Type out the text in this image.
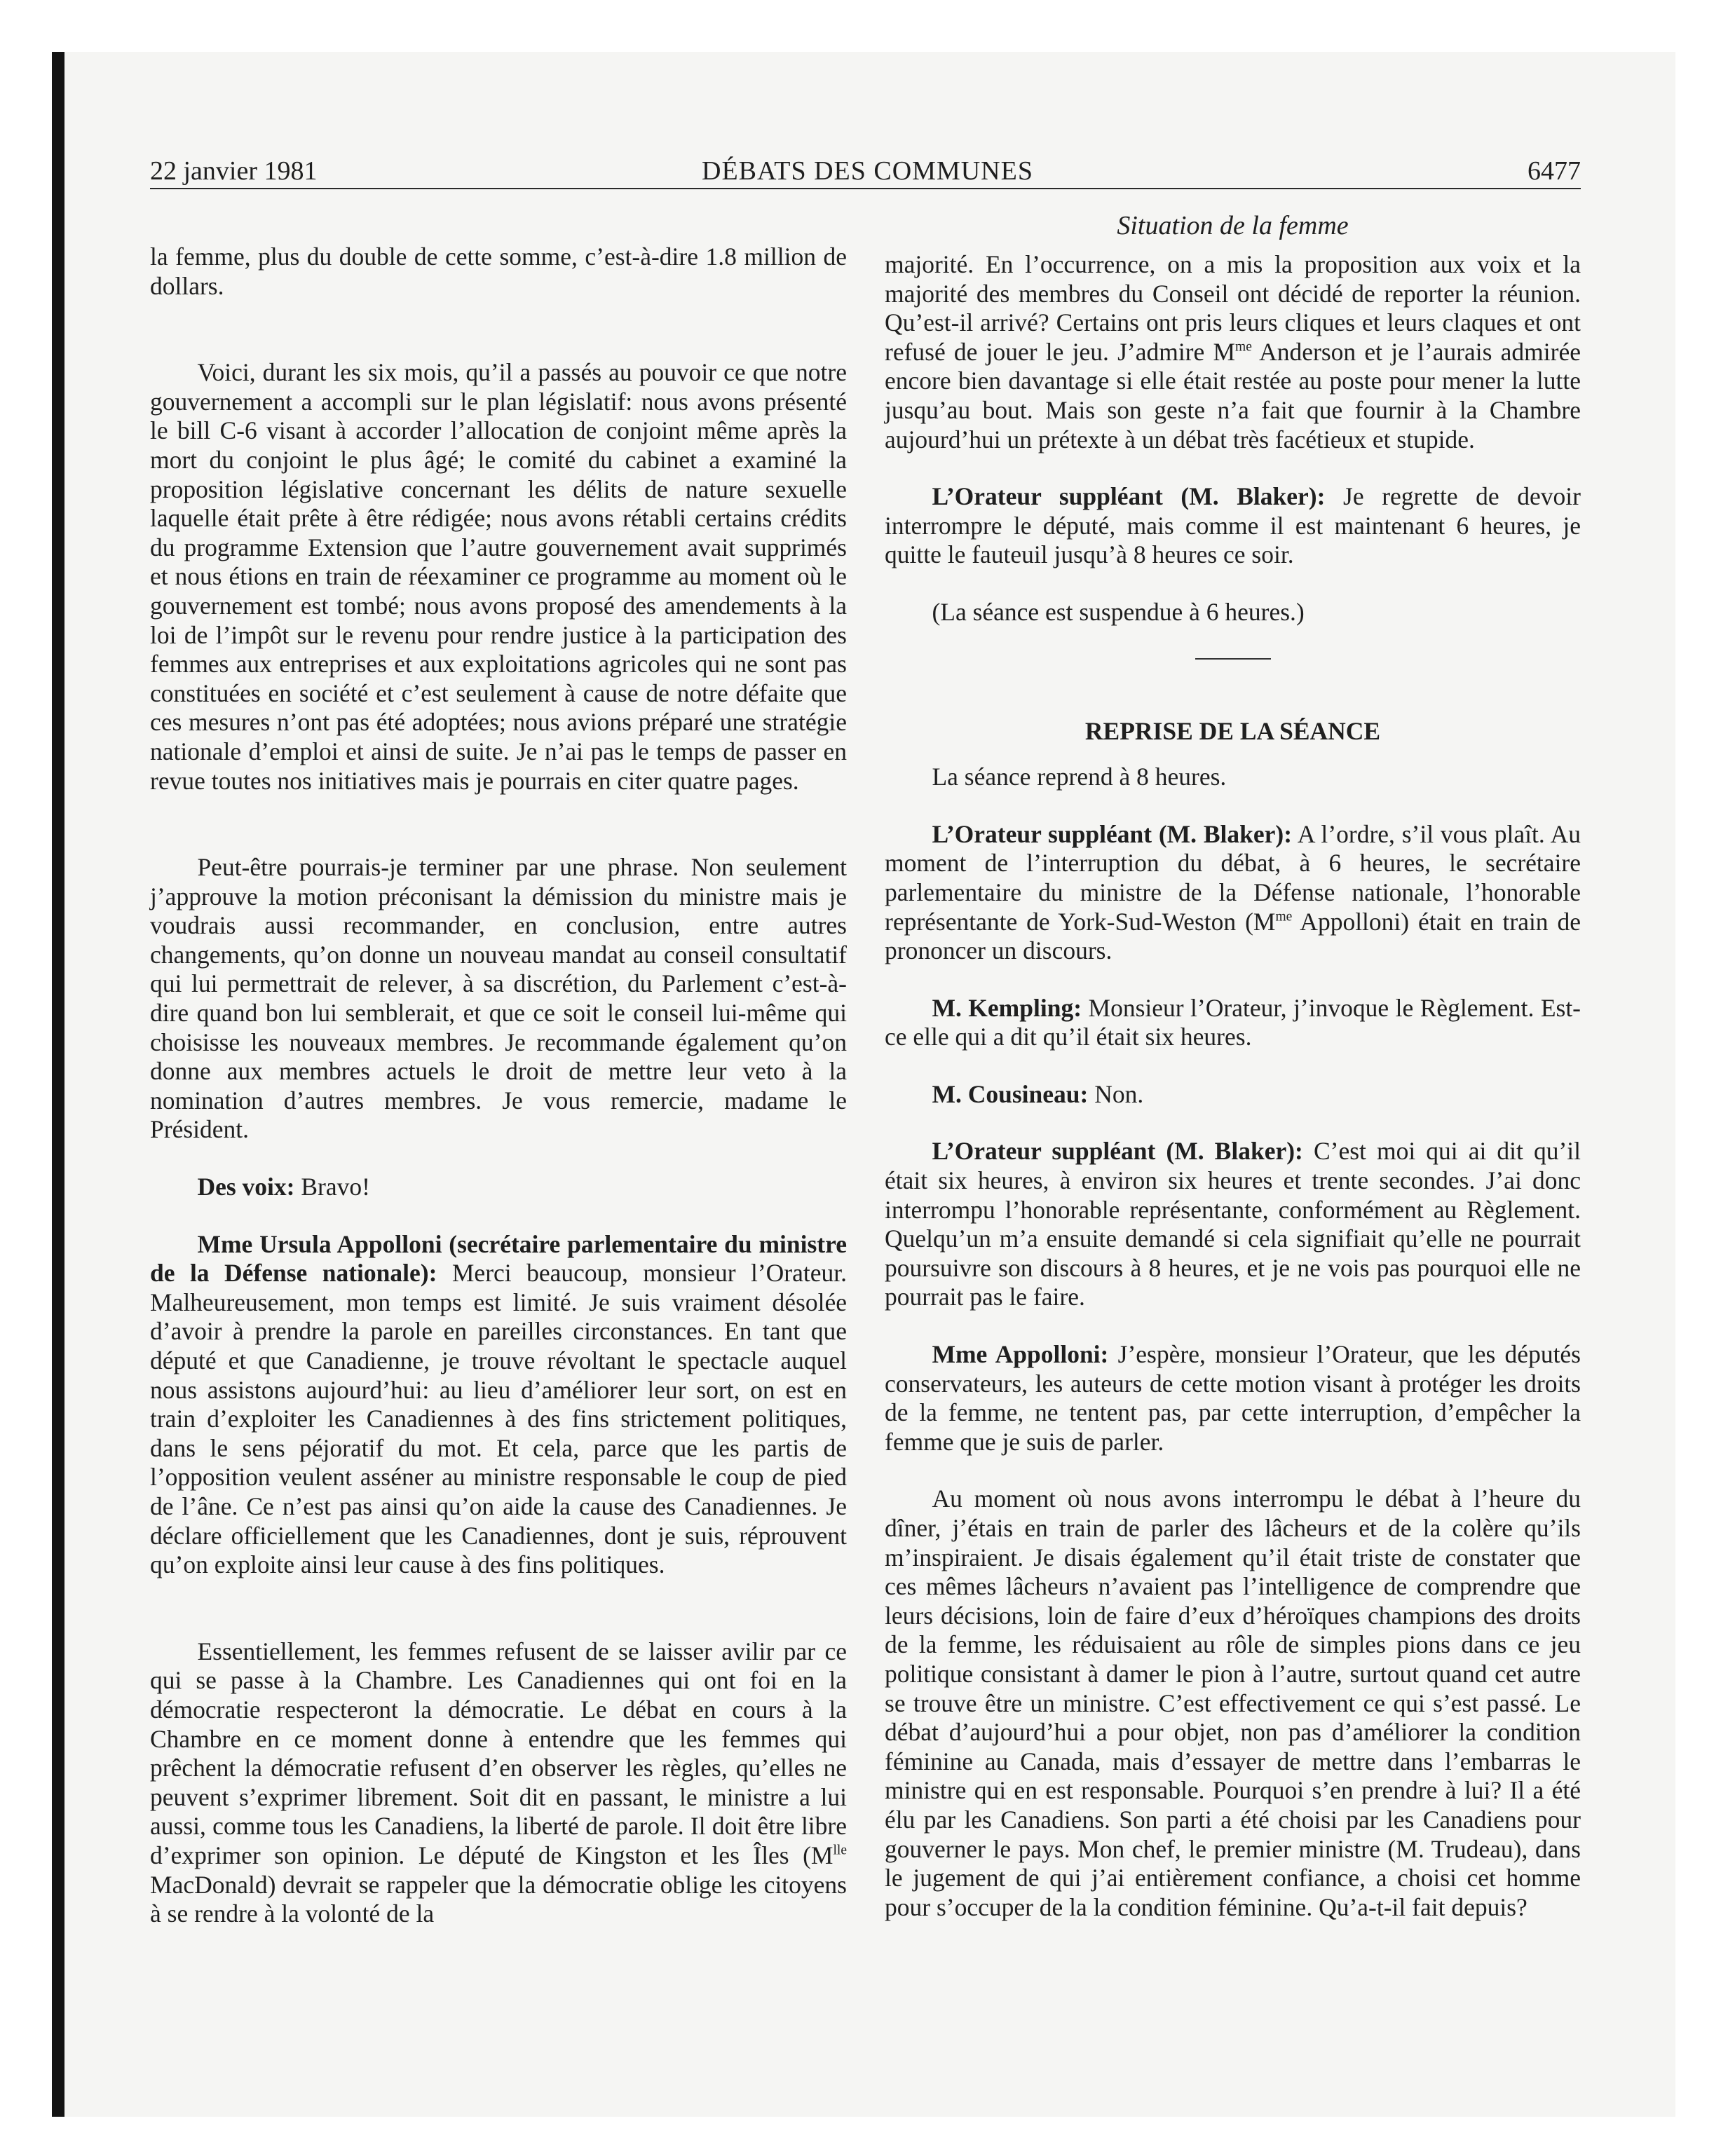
22 janvier 1981	DÉBATS DES COMMUNES	6477
Situation de la femme

la femme, plus du double de cette somme, c’est-à-dire 1.8 million de dollars.

Voici, durant les six mois, qu’il a passés au pouvoir ce que notre gouvernement a accompli sur le plan législatif: nous avons présenté le bill C-6 visant à accorder l’allocation de conjoint même après la mort du conjoint le plus âgé; le comité du cabinet a examiné la proposition législative concernant les délits de nature sexuelle laquelle était prête à être rédigée; nous avons rétabli certains crédits du programme Extension que l’autre gouvernement avait supprimés et nous étions en train de réexaminer ce programme au moment où le gouvernement est tombé; nous avons proposé des amendements à la loi de l’impôt sur le revenu pour rendre justice à la participation des femmes aux entreprises et aux exploitations agricoles qui ne sont pas constituées en société et c’est seulement à cause de notre défaite que ces mesures n’ont pas été adoptées; nous avions préparé une stratégie nationale d’emploi et ainsi de suite. Je n’ai pas le temps de passer en revue toutes nos initiatives mais je pourrais en citer quatre pages.

Peut-être pourrais-je terminer par une phrase. Non seulement j’approuve la motion préconisant la démission du ministre mais je voudrais aussi recommander, en conclusion, entre autres changements, qu’on donne un nouveau mandat au conseil consultatif qui lui permettrait de relever, à sa discrétion, du Parlement c’est-à-dire quand bon lui semblerait, et que ce soit le conseil lui-même qui choisisse les nouveaux membres. Je recommande également qu’on donne aux membres actuels le droit de mettre leur veto à la nomination d’autres membres. Je vous remercie, madame le Président.

Des voix: Bravo!

Mme Ursula Appolloni (secrétaire parlementaire du ministre de la Défense nationale): Merci beaucoup, monsieur l’Orateur. Malheureusement, mon temps est limité. Je suis vraiment désolée d’avoir à prendre la parole en pareilles circonstances. En tant que député et que Canadienne, je trouve révoltant le spectacle auquel nous assistons aujourd’hui: au lieu d’améliorer leur sort, on est en train d’exploiter les Canadiennes à des fins strictement politiques, dans le sens péjoratif du mot. Et cela, parce que les partis de l’opposition veulent asséner au ministre responsable le coup de pied de l’âne. Ce n’est pas ainsi qu’on aide la cause des Canadiennes. Je déclare officiellement que les Canadiennes, dont je suis, réprouvent qu’on exploite ainsi leur cause à des fins politiques.

Essentiellement, les femmes refusent de se laisser avilir par ce qui se passe à la Chambre. Les Canadiennes qui ont foi en la démocratie respecteront la démocratie. Le débat en cours à la Chambre en ce moment donne à entendre que les femmes qui prêchent la démocratie refusent d’en observer les règles, qu’elles ne peuvent s’exprimer librement. Soit dit en passant, le ministre a lui aussi, comme tous les Canadiens, la liberté de parole. Il doit être libre d’exprimer son opinion. Le député de Kingston et les Îles ($M^{lle}$ MacDonald) devrait se rappeler que la démocratie oblige les citoyens à se rendre à la volonté de la

majorité. En l’occurrence, on a mis la proposition aux voix et la majorité des membres du Conseil ont décidé de reporter la réunion. Qu’est-il arrivé? Certains ont pris leurs cliques et leurs claques et ont refusé de jouer le jeu. J’admire $M^{me}$ Anderson et je l’aurais admirée encore bien davantage si elle était restée au poste pour mener la lutte jusqu’au bout. Mais son geste n’a fait que fournir à la Chambre aujourd’hui un prétexte à un débat très facétieux et stupide.

L’Orateur suppléant (M. Blaker): Je regrette de devoir interrompre le député, mais comme il est maintenant 6 heures, je quitte le fauteuil jusqu’à 8 heures ce soir.

(La séance est suspendue à 6 heures.)

REPRISE DE LA SÉANCE

La séance reprend à 8 heures.

L’Orateur suppléant (M. Blaker): A l’ordre, s’il vous plaît. Au moment de l’interruption du débat, à 6 heures, le secrétaire parlementaire du ministre de la Défense nationale, l’honorable représentante de York-Sud-Weston ($M^{me}$ Appolloni) était en train de prononcer un discours.

M. Kempling: Monsieur l’Orateur, j’invoque le Règlement. Est-ce elle qui a dit qu’il était six heures.

M. Cousineau: Non.

L’Orateur suppléant (M. Blaker): C’est moi qui ai dit qu’il était six heures, à environ six heures et trente secondes. J’ai donc interrompu l’honorable représentante, conformément au Règlement. Quelqu’un m’a ensuite demandé si cela signifiait qu’elle ne pourrait poursuivre son discours à 8 heures, et je ne vois pas pourquoi elle ne pourrait pas le faire.

Mme Appolloni: J’espère, monsieur l’Orateur, que les députés conservateurs, les auteurs de cette motion visant à protéger les droits de la femme, ne tentent pas, par cette interruption, d’empêcher la femme que je suis de parler.

Au moment où nous avons interrompu le débat à l’heure du dîner, j’étais en train de parler des lâcheurs et de la colère qu’ils m’inspiraient. Je disais également qu’il était triste de constater que ces mêmes lâcheurs n’avaient pas l’intelligence de comprendre que leurs décisions, loin de faire d’eux d’héroïques champions des droits de la femme, les réduisaient au rôle de simples pions dans ce jeu politique consistant à damer le pion à l’autre, surtout quand cet autre se trouve être un ministre. C’est effectivement ce qui s’est passé. Le débat d’aujourd’hui a pour objet, non pas d’améliorer la condition féminine au Canada, mais d’essayer de mettre dans l’embarras le ministre qui en est responsable. Pourquoi s’en prendre à lui? Il a été élu par les Canadiens. Son parti a été choisi par les Canadiens pour gouverner le pays. Mon chef, le premier ministre (M. Trudeau), dans le jugement de qui j’ai entièrement confiance, a choisi cet homme pour s’occuper de la la condition féminine. Qu’a-t-il fait depuis?
